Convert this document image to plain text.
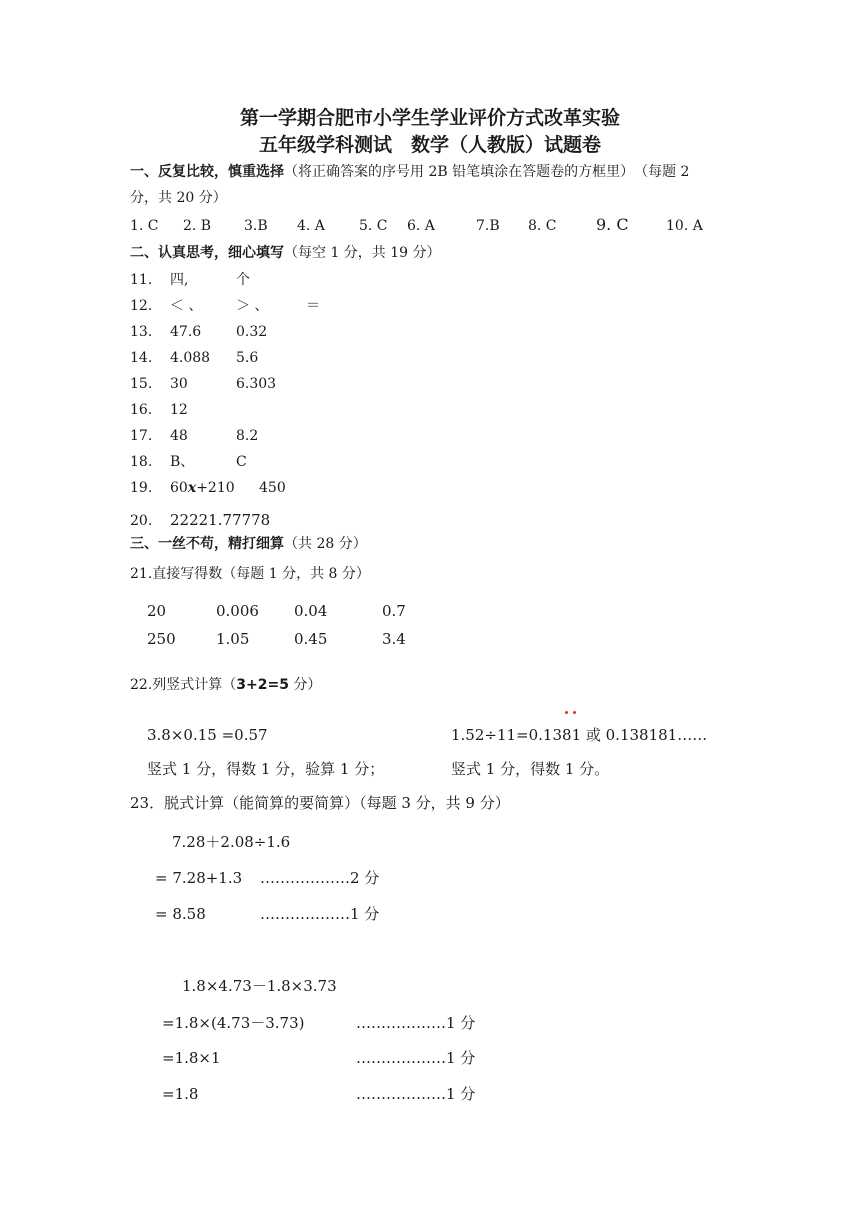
第一学期合肥市小学生学业评价方式改革实验
五年级学科测试　数学（人教版）试题卷
一、反复比较，慎重选择（将正确答案的序号用 2B 铅笔填涂在答题卷的方框里）　（每题 2
分，共 20 分）
1. C 2. B 3.B 4. A 5. C 6. A	7.B 8. C 9. C	10. A
二、认真思考，细心填写（每空 1 分，共 19 分）
11. 四,	个
12. ＜ 、 ＞ 、	＝
13. 47.6 0.32
14. 4.088 5.6
15. 30	6.303
16. 12
17. 48	8.2
18. B、	C
19. 60x+210 450
20. 22221.77778
三、一丝不苟，精打细算（共 28 分）
21.直接写得数（每题 1 分，共 8 分）
20	0.006 0.04	0.7
250	1.05	0.45	3.4
22.列竖式计算（3+2=5 分）
3.8×0.15 =0.57	1.52÷11=0.1381 或 0.138181……
竖式 1 分，得数 1 分，验算 1 分；	竖式 1 分，得数 1 分。
23．脱式计算（能简算的要简算）（每题 3 分，共 9 分）
7.28＋2.08÷1.6
= 7.28+1.3 ………………2 分
= 8.58	………………1 分
1.8×4.73－1.8×3.73
=1.8×(4.73－3.73)	………………1 分
=1.8×1	………………1 分
=1.8	………………1 分
